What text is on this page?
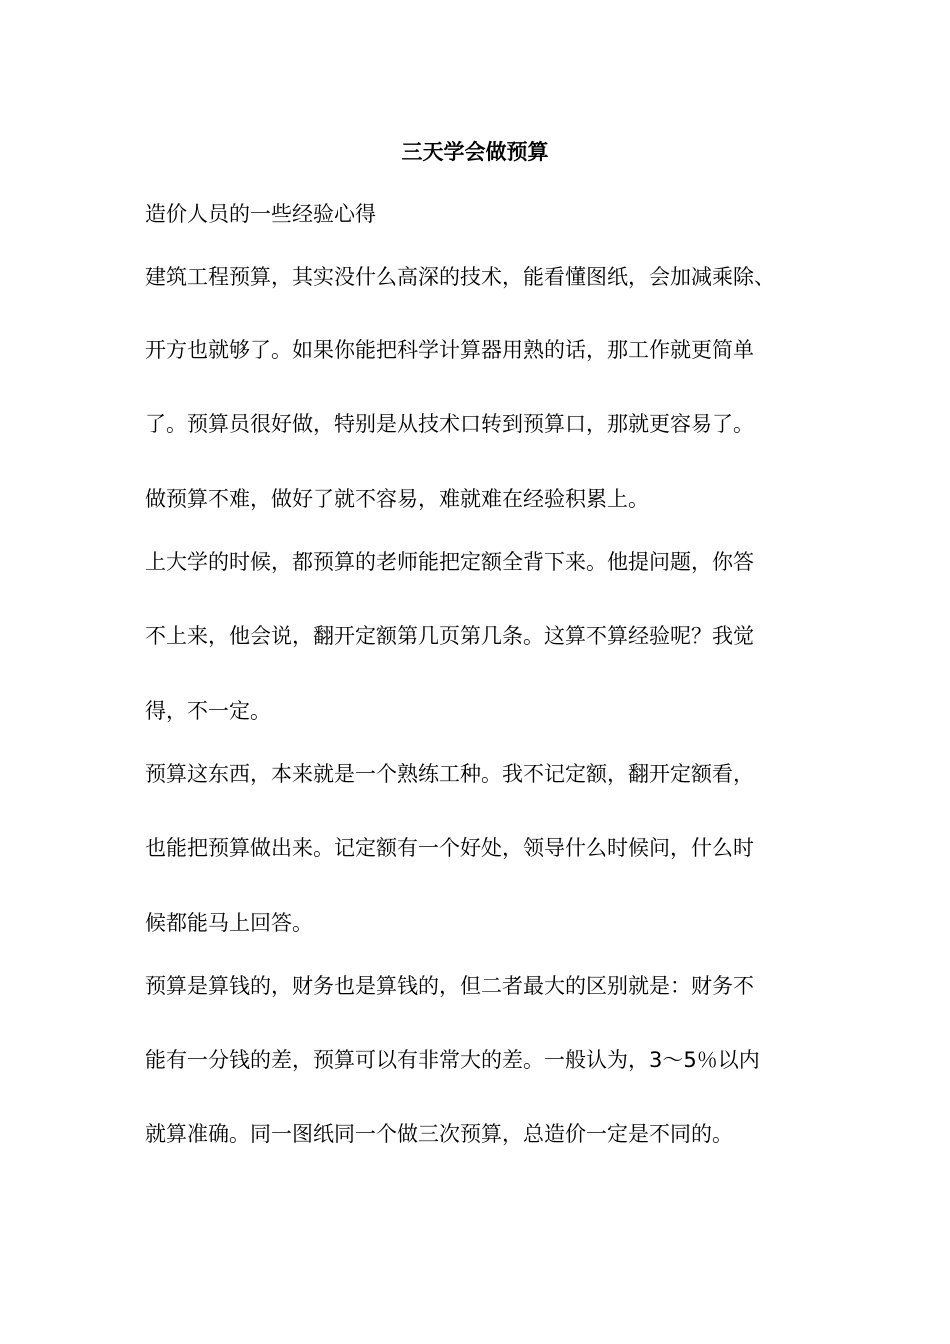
三天学会做预算
造价人员的一些经验心得
建筑工程预算，其实没什么高深的技术，能看懂图纸，会加减乘除、
开方也就够了。如果你能把科学计算器用熟的话，那工作就更简单
了。预算员很好做，特别是从技术口转到预算口，那就更容易了。
做预算不难，做好了就不容易，难就难在经验积累上。
上大学的时候，都预算的老师能把定额全背下来。他提问题，你答
不上来，他会说，翻开定额第几页第几条。这算不算经验呢？我觉
得，不一定。
预算这东西，本来就是一个熟练工种。我不记定额，翻开定额看，
也能把预算做出来。记定额有一个好处，领导什么时候问，什么时
候都能马上回答。
预算是算钱的，财务也是算钱的，但二者最大的区别就是：财务不
能有一分钱的差，预算可以有非常大的差。一般认为，3～5％以内
就算准确。同一图纸同一个做三次预算，总造价一定是不同的。
